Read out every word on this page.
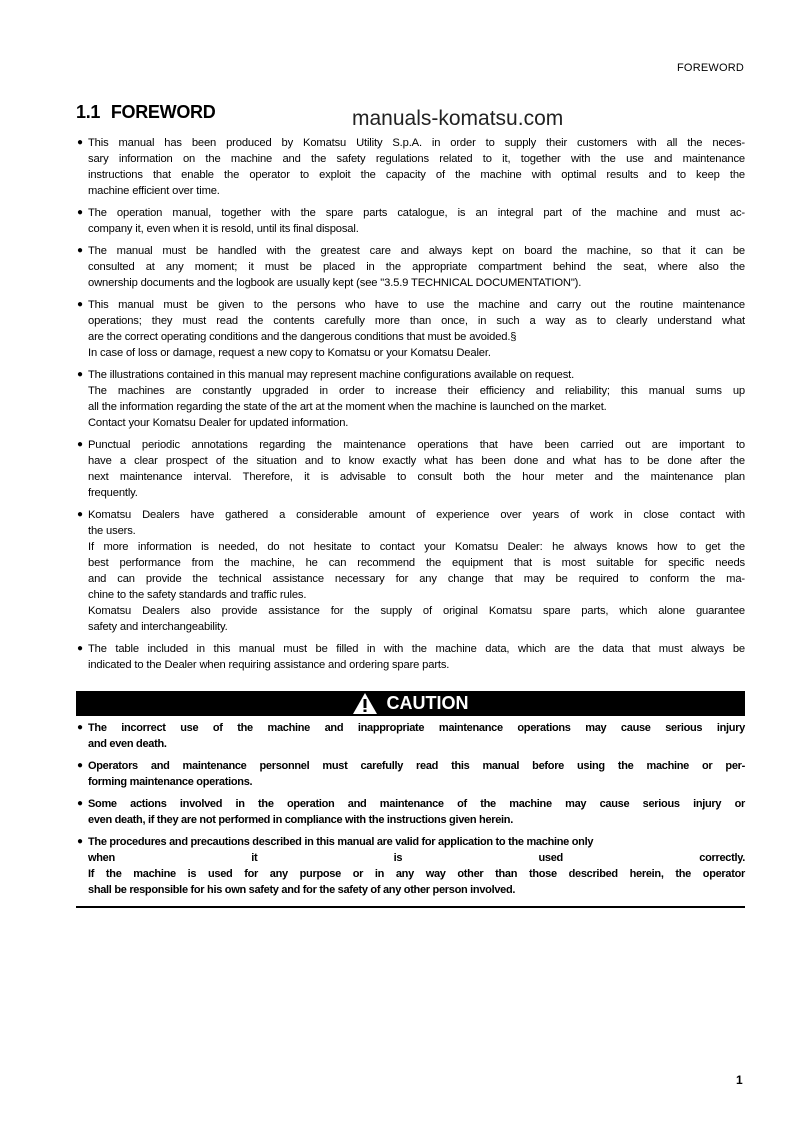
FOREWORD
1.1 FOREWORD	manuals-komatsu.com
● This manual has been produced by Komatsu Utility S.p.A. in order to supply their customers with all the neces-
sary information on the machine and the safety regulations related to it, together with the use and maintenance
instructions that enable the operator to exploit the capacity of the machine with optimal results and to keep the
machine efficient over time.
● The operation manual, together with the spare parts catalogue, is an integral part of the machine and must ac-
company it, even when it is resold, until its final disposal.
● The manual must be handled with the greatest care and always kept on board the machine, so that it can be
consulted at any moment; it must be placed in the appropriate compartment behind the seat, where also the
ownership documents and the logbook are usually kept (see "3.5.9 TECHNICAL DOCUMENTATION").
● This manual must be given to the persons who have to use the machine and carry out the routine maintenance
operations; they must read the contents carefully more than once, in such a way as to clearly understand what
are the correct operating conditions and the dangerous conditions that must be avoided.§
In case of loss or damage, request a new copy to Komatsu or your Komatsu Dealer.
● The illustrations contained in this manual may represent machine configurations available on request.
The machines are constantly upgraded in order to increase their efficiency and reliability; this manual sums up
all the information regarding the state of the art at the moment when the machine is launched on the market.
Contact your Komatsu Dealer for updated information.
● Punctual periodic annotations regarding the maintenance operations that have been carried out are important to
have a clear prospect of the situation and to know exactly what has been done and what has to be done after the
next maintenance interval. Therefore, it is advisable to consult both the hour meter and the maintenance plan
frequently.
● Komatsu Dealers have gathered a considerable amount of experience over years of work in close contact with
the users.
If more information is needed, do not hesitate to contact your Komatsu Dealer: he always knows how to get the
best performance from the machine, he can recommend the equipment that is most suitable for specific needs
and can provide the technical assistance necessary for any change that may be required to conform the ma-
chine to the safety standards and traffic rules.
Komatsu Dealers also provide assistance for the supply of original Komatsu spare parts, which alone guarantee
safety and interchangeability.
● The table included in this manual must be filled in with the machine data, which are the data that must always be
indicated to the Dealer when requiring assistance and ordering spare parts.
CAUTION
● The incorrect use of the machine and inappropriate maintenance operations may cause serious injury
and even death.
● Operators and maintenance personnel must carefully read this manual before using the machine or per-
forming maintenance operations.
● Some actions involved in the operation and maintenance of the machine may cause serious injury or
even death, if they are not performed in compliance with the instructions given herein.
● The procedures and precautions described in this manual are valid for application to the machine only
when it is used correctly.
If the machine is used for any purpose or in any way other than those described herein, the operator
shall be responsible for his own safety and for the safety of any other person involved.
1
